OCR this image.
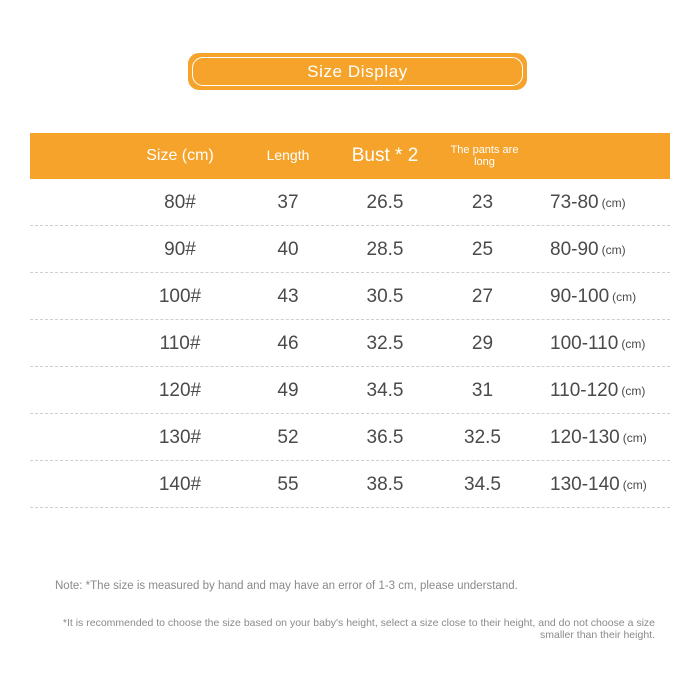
Size Display
Size (cm)	Length	Bust * 2	The pants are long
80#	37	26.5	23	73-80 (cm)
90#	40	28.5	25	80-90 (cm)
100#	43	30.5	27	90-100 (cm)
110#	46	32.5	29	100-110 (cm)
120#	49	34.5	31	110-120 (cm)
130#	52	36.5	32.5	120-130 (cm)
140#	55	38.5	34.5	130-140 (cm)
Note: *The size is measured by hand and may have an error of 1-3 cm, please understand.
*It is recommended to choose the size based on your baby's height, select a size close to their height, and do not choose a size smaller than their height.
